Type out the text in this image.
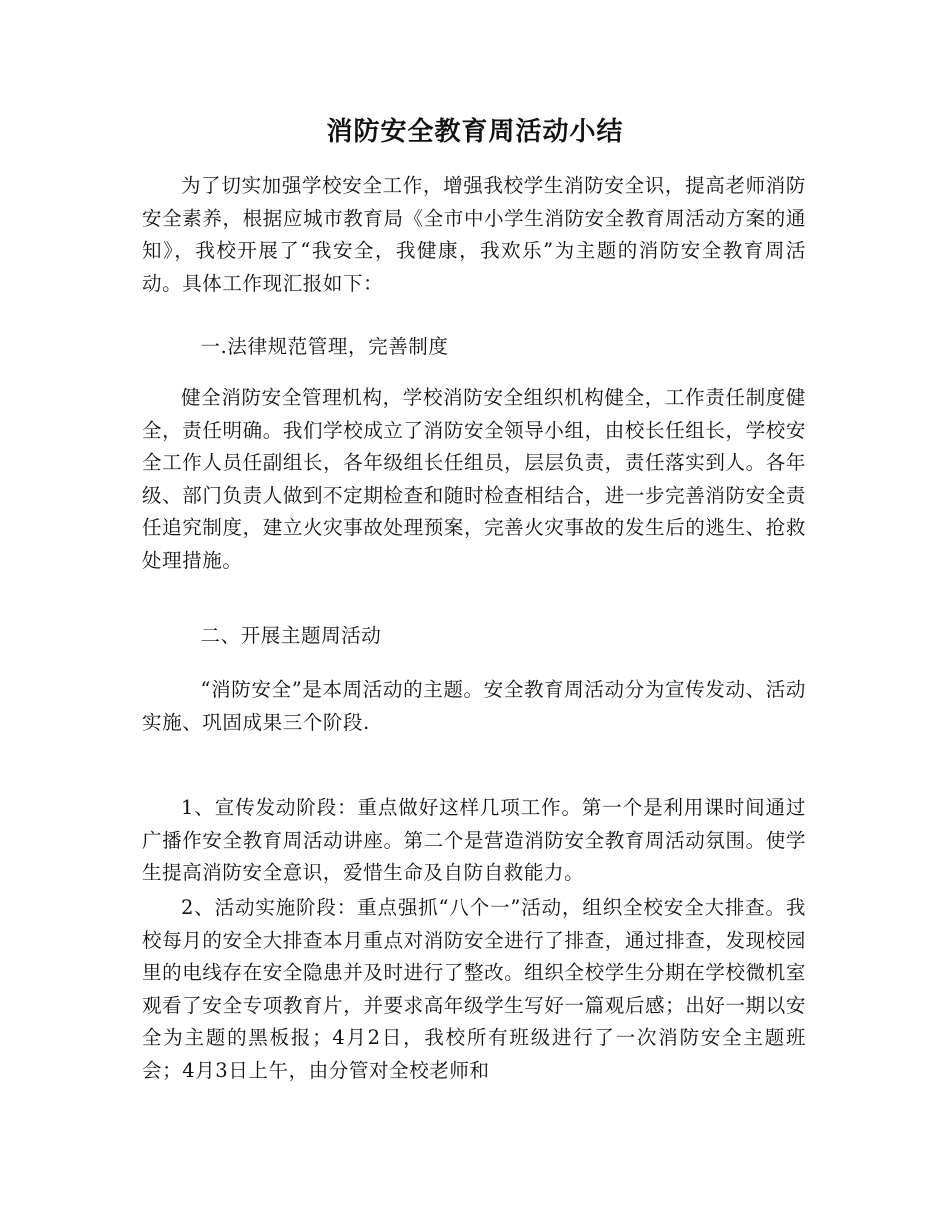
消防安全教育周活动小结
为了切实加强学校安全工作，增强我校学生消防安全识，提高老师消防安全素养，根据应城市教育局《全市中小学生消防安全教育周活动方案的通知》，我校开展了“我安全，我健康，我欢乐”为主题的消防安全教育周活动。具体工作现汇报如下：
一.法律规范管理，完善制度
健全消防安全管理机构，学校消防安全组织机构健全，工作责任制度健全，责任明确。我们学校成立了消防安全领导小组，由校长任组长，学校安全工作人员任副组长，各年级组长任组员，层层负责，责任落实到人。各年级、部门负责人做到不定期检查和随时检查相结合，进一步完善消防安全责任追究制度，建立火灾事故处理预案，完善火灾事故的发生后的逃生、抢救处理措施。
二、开展主题周活动
“消防安全”是本周活动的主题。安全教育周活动分为宣传发动、活动实施、巩固成果三个阶段.
1、宣传发动阶段：重点做好这样几项工作。第一个是利用课时间通过广播作安全教育周活动讲座。第二个是营造消防安全教育周活动氛围。使学生提高消防安全意识，爱惜生命及自防自救能力。
2、活动实施阶段：重点强抓“八个一”活动，组织全校安全大排查。我校每月的安全大排查本月重点对消防安全进行了排查，通过排查，发现校园里的电线存在安全隐患并及时进行了整改。组织全校学生分期在学校微机室观看了安全专项教育片，并要求高年级学生写好一篇观后感；出好一期以安全为主题的黑板报；4月2日，我校所有班级进行了一次消防安全主题班会；4月3日上午，由分管对全校老师和
